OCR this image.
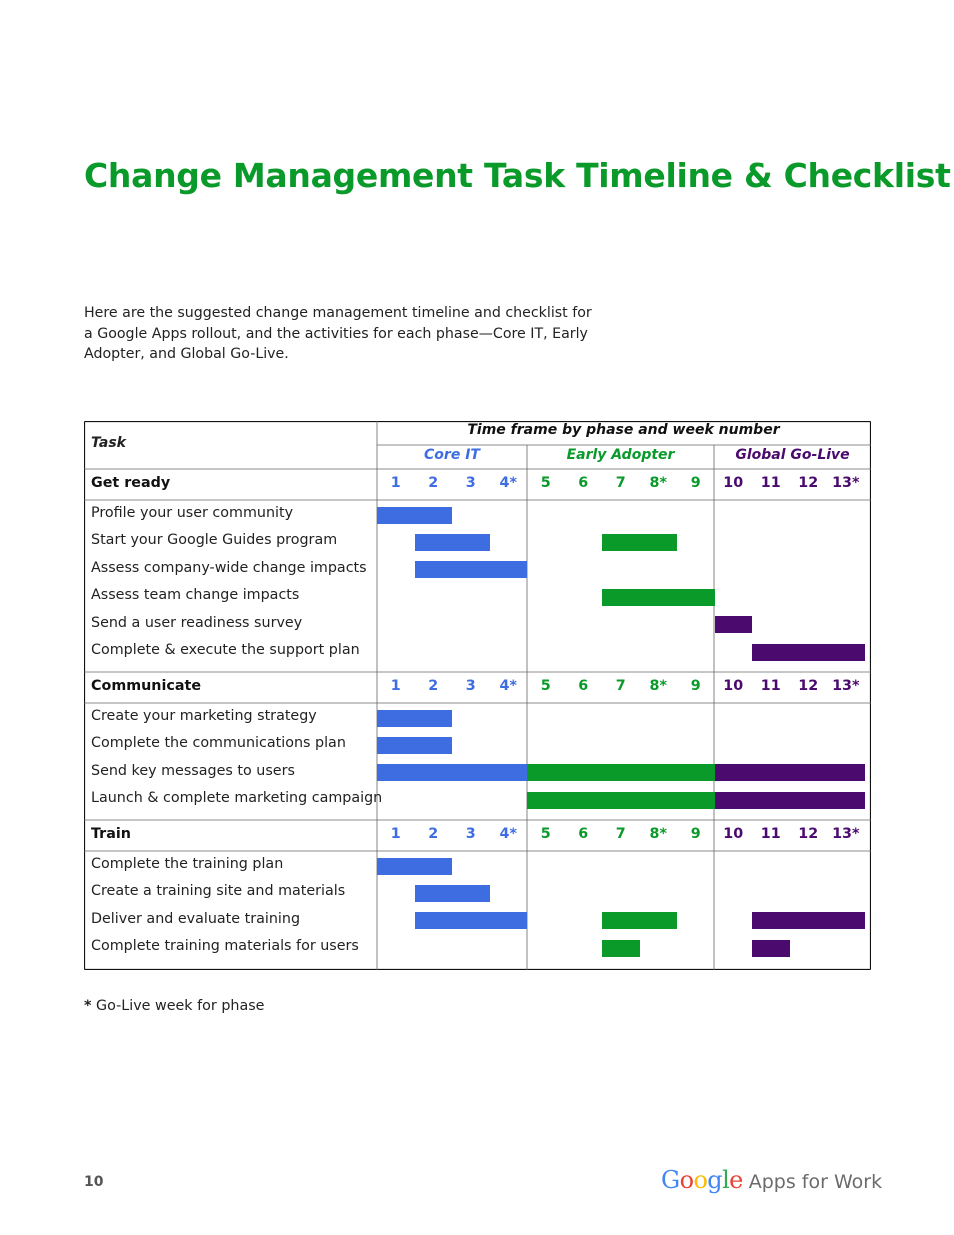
Change Management Task Timeline & Checklist

Here are the suggested change management timeline and checklist for a Google Apps rollout, and the activities for each phase—Core IT, Early Adopter, and Global Go-Live.

Task
Time frame by phase and week number
Core IT	Early Adopter	Global Go-Live
Get ready	1	2	3	4*	5	6	7	8*	9	10	11	12 13*
Profile your user community
Start your Google Guides program
Assess company-wide change impacts
Assess team change impacts
Send a user readiness survey
Complete & execute the support plan
Communicate	1	2	3	4*	5	6	7	8*	9	10	11	12 13*
Create your marketing strategy
Complete the communications plan
Send key messages to users
Launch & complete marketing campaign
Train	1	2	3	4*	5	6	7	8*	9	10	11	12 13*
Complete the training plan
Create a training site and materials
Deliver and evaluate training
Complete training materials for users
* Go-Live week for phase
10	Google Apps for Work
